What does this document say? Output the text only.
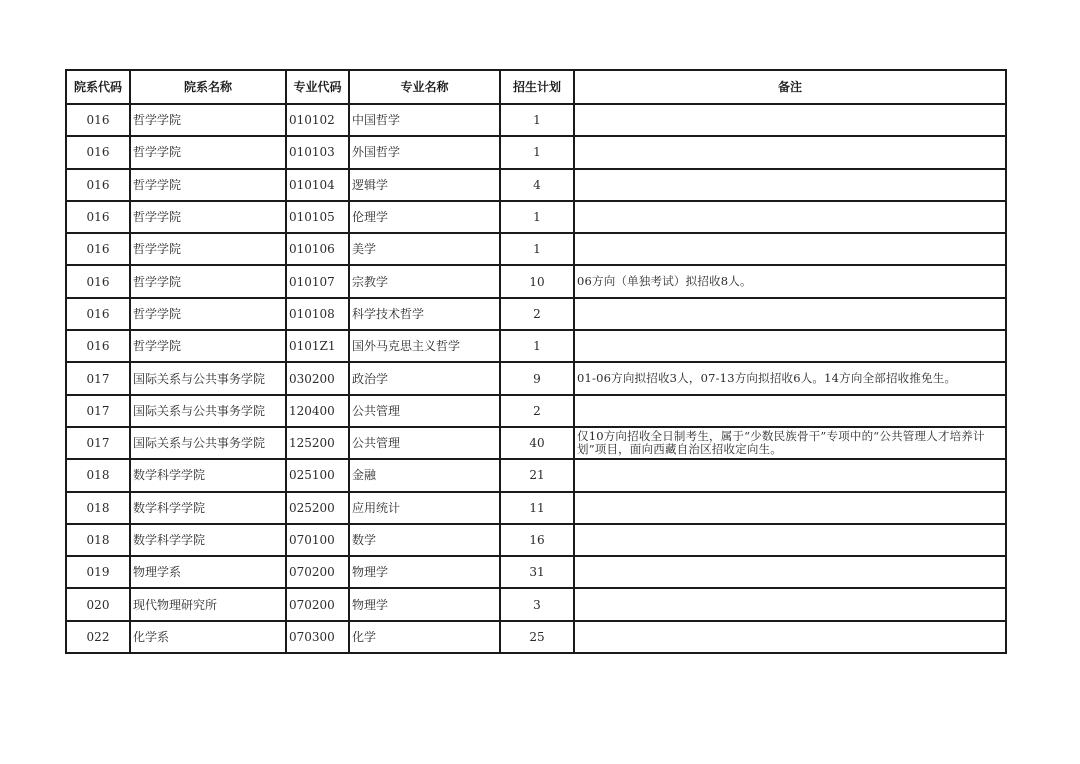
院系代码	院系名称	专业代码	专业名称	招生计划	备注
016	哲学学院	010102	中国哲学	1	
016	哲学学院	010103	外国哲学	1	
016	哲学学院	010104	逻辑学	4	
016	哲学学院	010105	伦理学	1	
016	哲学学院	010106	美学	1	
016	哲学学院	010107	宗教学	10	06方向（单独考试）拟招收8人。
016	哲学学院	010108	科学技术哲学	2	
016	哲学学院	0101Z1	国外马克思主义哲学	1	
017	国际关系与公共事务学院	030200	政治学	9	01-06方向拟招收3人，07-13方向拟招收6人。14方向全部招收推免生。
017	国际关系与公共事务学院	120400	公共管理	2	
017	国际关系与公共事务学院	125200	公共管理	40	仅10方向招收全日制考生，属于“少数民族骨干”专项中的“公共管理人才培养计划”项目，面向西藏自治区招收定向生。
018	数学科学学院	025100	金融	21	
018	数学科学学院	025200	应用统计	11	
018	数学科学学院	070100	数学	16	
019	物理学系	070200	物理学	31	
020	现代物理研究所	070200	物理学	3	
022	化学系	070300	化学	25	
